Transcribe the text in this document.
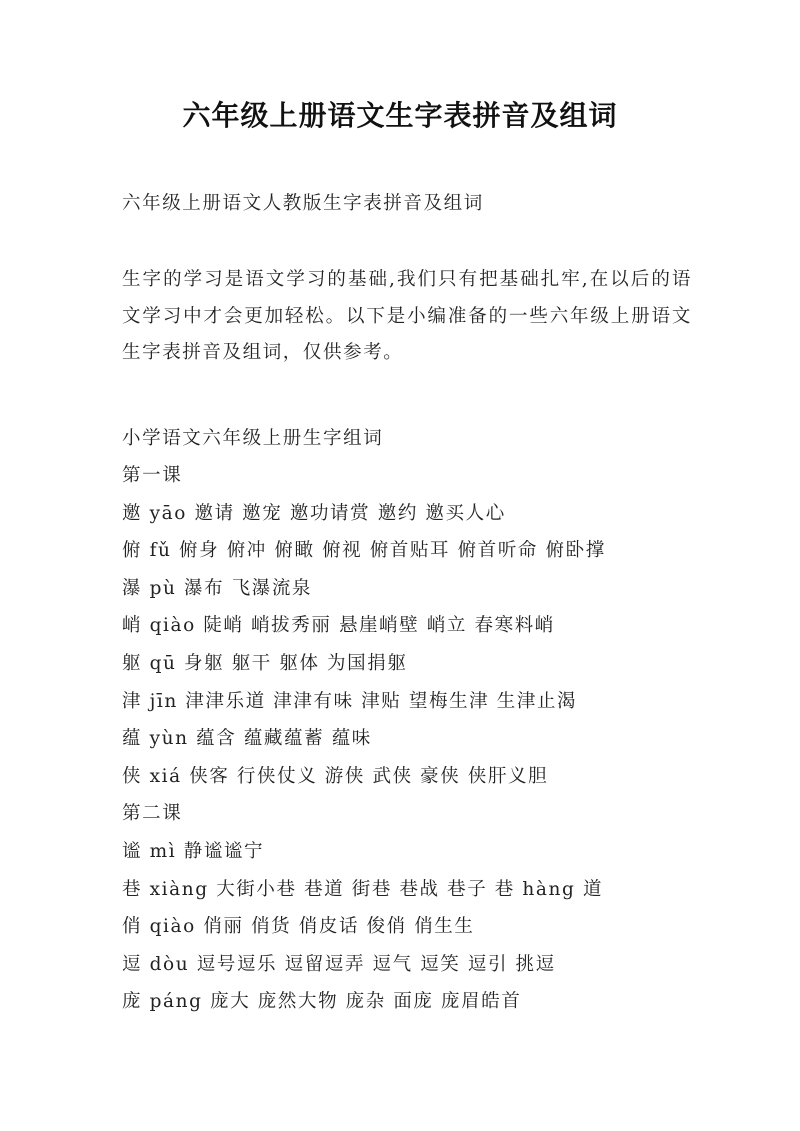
六年级上册语文生字表拼音及组词

六年级上册语文人教版生字表拼音及组词

生字的学习是语文学习的基础,我们只有把基础扎牢,在以后的语文学习中才会更加轻松。以下是小编准备的一些六年级上册语文生字表拼音及组词，仅供参考。

小学语文六年级上册生字组词

第一课
邀 yāo 邀请 邀宠 邀功请赏 邀约 邀买人心
俯 fǔ 俯身 俯冲 俯瞰 俯视 俯首贴耳 俯首听命 俯卧撑
瀑 pù 瀑布 飞瀑流泉
峭 qiào 陡峭 峭拔秀丽 悬崖峭壁 峭立 春寒料峭
躯 qū 身躯 躯干 躯体 为国捐躯
津 jīn 津津乐道 津津有味 津贴 望梅生津 生津止渴
蕴 yùn 蕴含 蕴藏蕴蓄 蕴味
侠 xiá 侠客 行侠仗义 游侠 武侠 豪侠 侠肝义胆
第二课
谧 mì 静谧谧宁
巷 xiàng 大街小巷 巷道 街巷 巷战 巷子 巷 hàng 道
俏 qiào 俏丽 俏货 俏皮话 俊俏 俏生生
逗 dòu 逗号逗乐 逗留逗弄 逗气 逗笑 逗引 挑逗
庞 páng 庞大 庞然大物 庞杂 面庞 庞眉皓首
